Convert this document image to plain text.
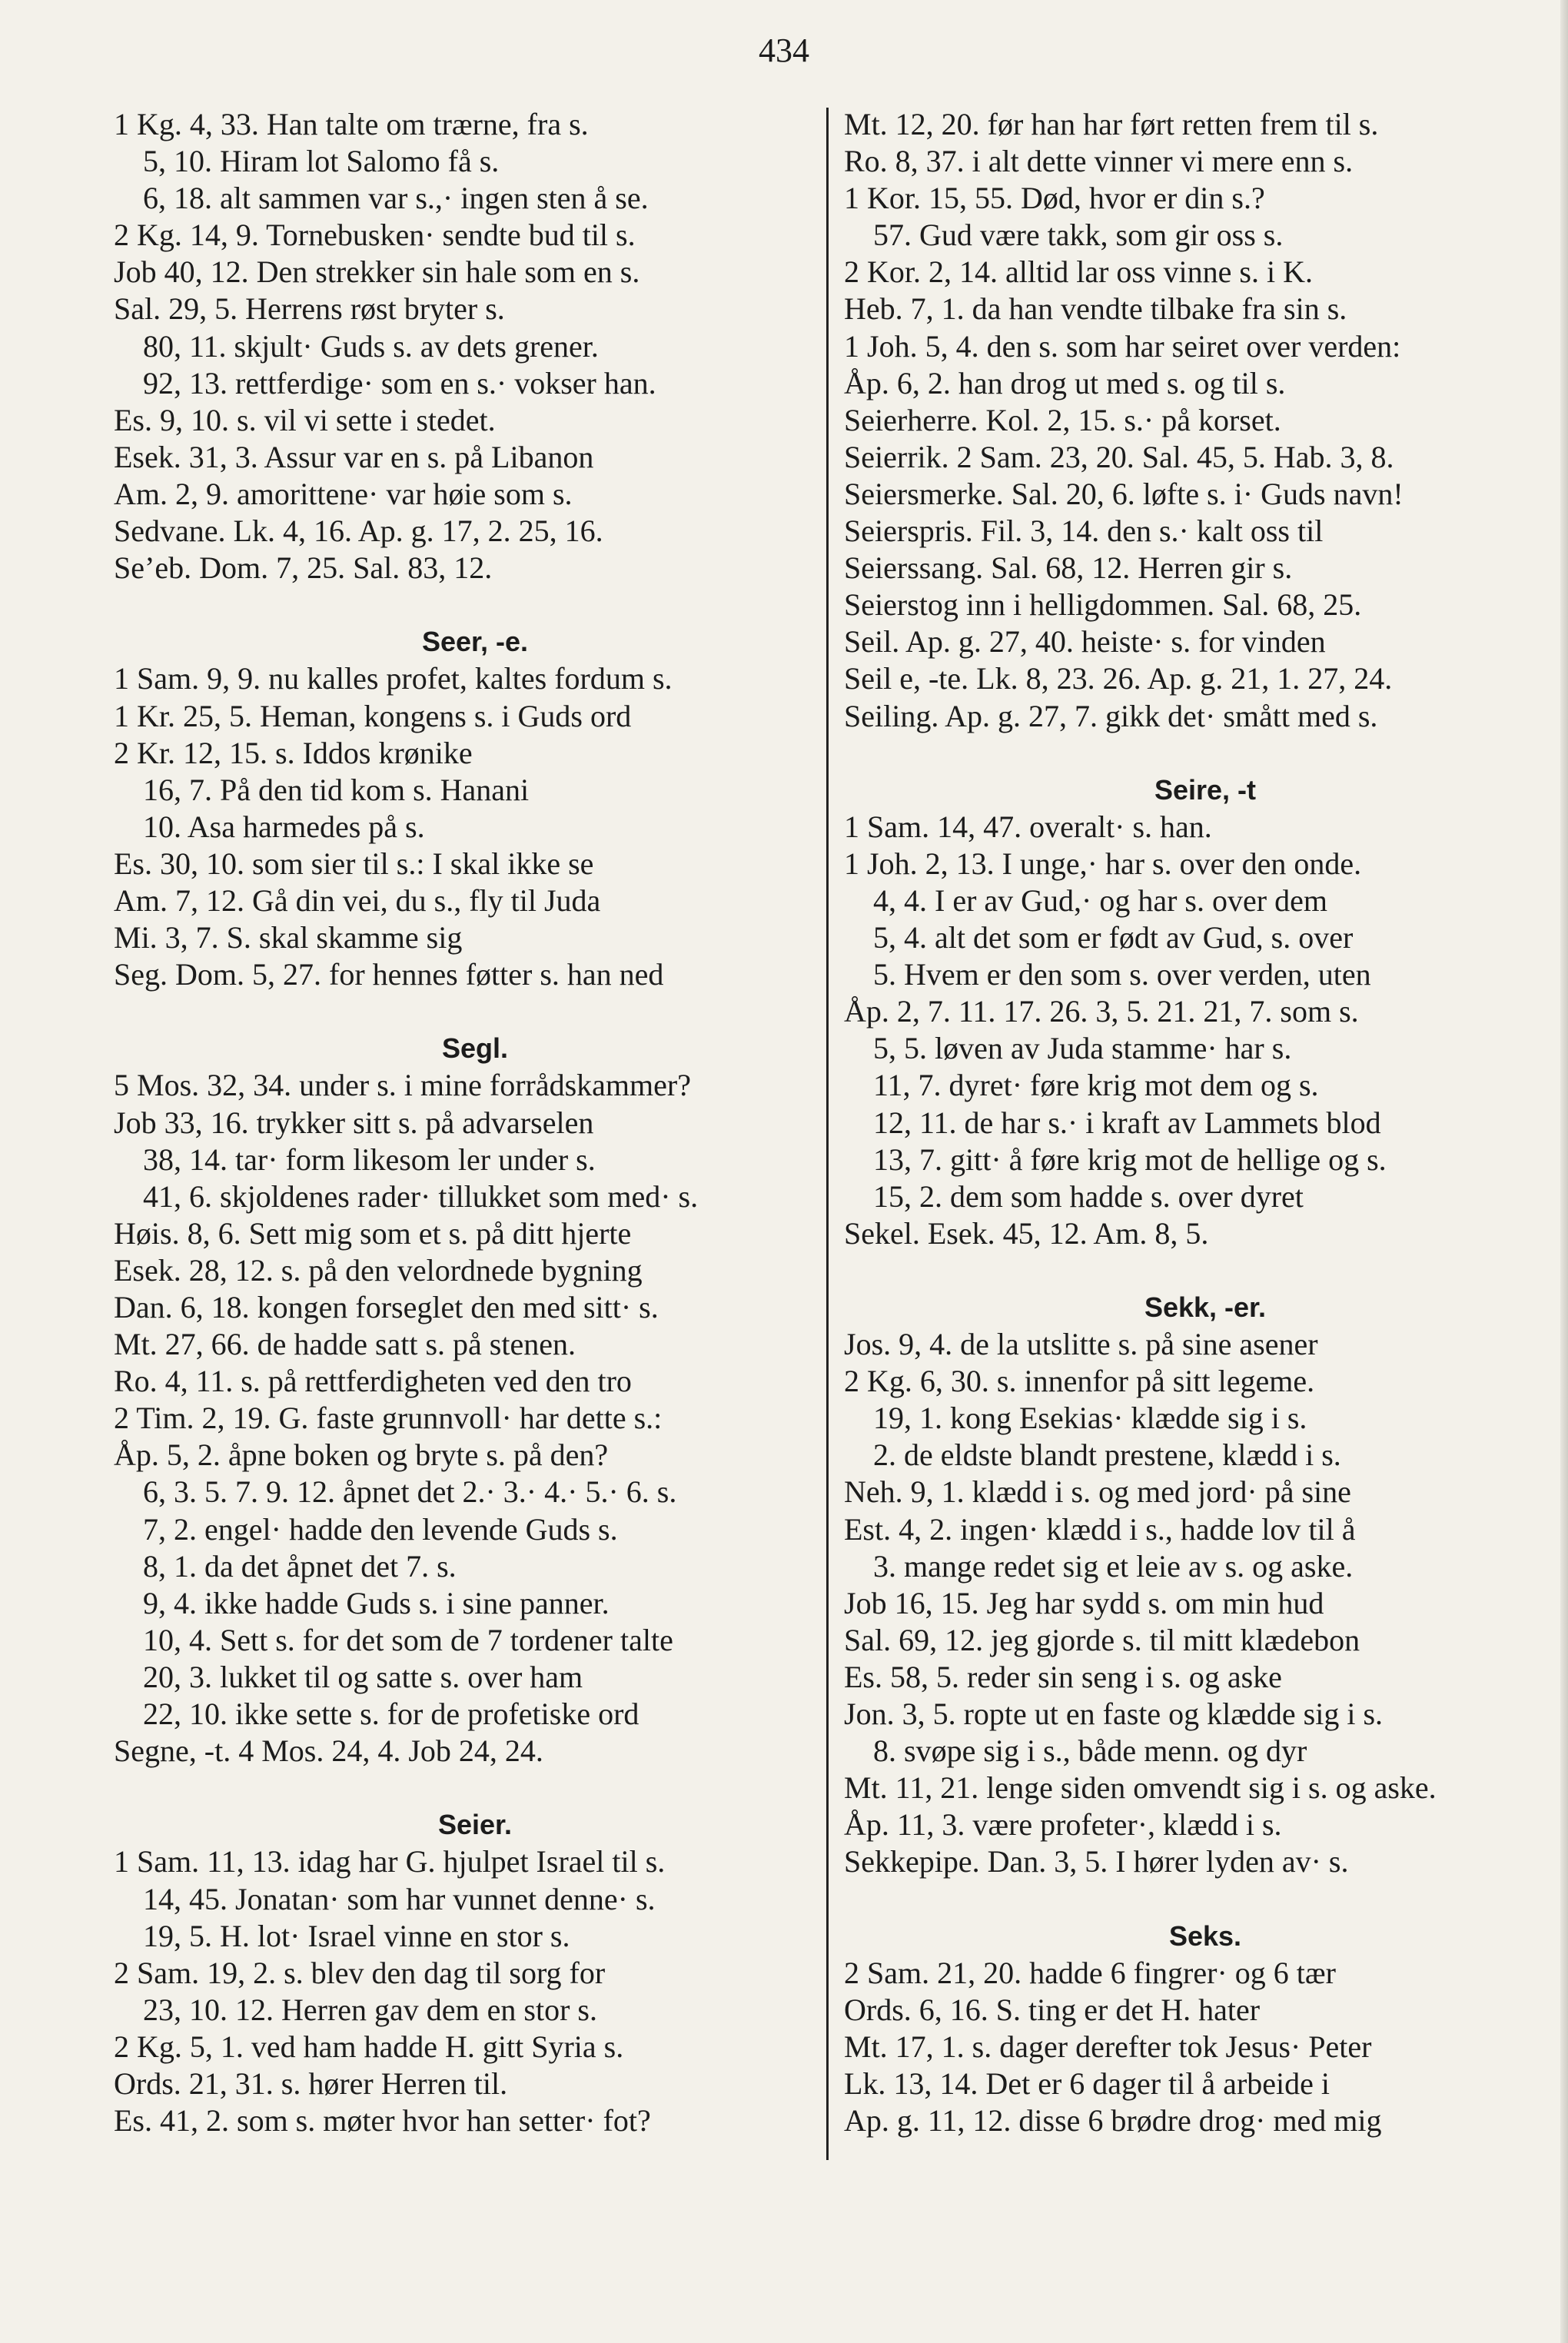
434
1 Kg. 4, 33. Han talte om trærne, fra s.
5, 10. Hiram lot Salomo få s.
6, 18. alt sammen var s.,· ingen sten å se.
2 Kg. 14, 9. Tornebusken· sendte bud til s.
Job 40, 12. Den strekker sin hale som en s.
Sal. 29, 5. Herrens røst bryter s.
80, 11. skjult· Guds s. av dets grener.
92, 13. rettferdige· som en s.· vokser han.
Es. 9, 10. s. vil vi sette i stedet.
Esek. 31, 3. Assur var en s. på Libanon
Am. 2, 9. amorittene· var høie som s.
Sedvane. Lk. 4, 16. Ap. g. 17, 2. 25, 16.
Se’eb. Dom. 7, 25. Sal. 83, 12.
Seer, -e.
1 Sam. 9, 9. nu kalles profet, kaltes fordum s.
1 Kr. 25, 5. Heman, kongens s. i Guds ord
2 Kr. 12, 15. s. Iddos krønike
16, 7. På den tid kom s. Hanani
10. Asa harmedes på s.
Es. 30, 10. som sier til s.: I skal ikke se
Am. 7, 12. Gå din vei, du s., fly til Juda
Mi. 3, 7. S. skal skamme sig
Seg. Dom. 5, 27. for hennes føtter s. han ned
Segl.
5 Mos. 32, 34. under s. i mine forrådskammer?
Job 33, 16. trykker sitt s. på advarselen
38, 14. tar· form likesom ler under s.
41, 6. skjoldenes rader· tillukket som med· s.
Høis. 8, 6. Sett mig som et s. på ditt hjerte
Esek. 28, 12. s. på den velordnede bygning
Dan. 6, 18. kongen forseglet den med sitt· s.
Mt. 27, 66. de hadde satt s. på stenen.
Ro. 4, 11. s. på rettferdigheten ved den tro
2 Tim. 2, 19. G. faste grunnvoll· har dette s.:
Åp. 5, 2. åpne boken og bryte s. på den?
6, 3. 5. 7. 9. 12. åpnet det 2.· 3.· 4.· 5.· 6. s.
7, 2. engel· hadde den levende Guds s.
8, 1. da det åpnet det 7. s.
9, 4. ikke hadde Guds s. i sine panner.
10, 4. Sett s. for det som de 7 tordener talte
20, 3. lukket til og satte s. over ham
22, 10. ikke sette s. for de profetiske ord
Segne, -t. 4 Mos. 24, 4. Job 24, 24.
Seier.
1 Sam. 11, 13. idag har G. hjulpet Israel til s.
14, 45. Jonatan· som har vunnet denne· s.
19, 5. H. lot· Israel vinne en stor s.
2 Sam. 19, 2. s. blev den dag til sorg for
23, 10. 12. Herren gav dem en stor s.
2 Kg. 5, 1. ved ham hadde H. gitt Syria s.
Ords. 21, 31. s. hører Herren til.
Es. 41, 2. som s. møter hvor han setter· fot?
Mt. 12, 20. før han har ført retten frem til s.
Ro. 8, 37. i alt dette vinner vi mere enn s.
1 Kor. 15, 55. Død, hvor er din s.?
57. Gud være takk, som gir oss s.
2 Kor. 2, 14. alltid lar oss vinne s. i K.
Heb. 7, 1. da han vendte tilbake fra sin s.
1 Joh. 5, 4. den s. som har seiret over verden:
Åp. 6, 2. han drog ut med s. og til s.
Seierherre. Kol. 2, 15. s.· på korset.
Seierrik. 2 Sam. 23, 20. Sal. 45, 5. Hab. 3, 8.
Seiersmerke. Sal. 20, 6. løfte s. i· Guds navn!
Seierspris. Fil. 3, 14. den s.· kalt oss til
Seierssang. Sal. 68, 12. Herren gir s.
Seierstog inn i helligdommen. Sal. 68, 25.
Seil. Ap. g. 27, 40. heiste· s. for vinden
Seil e, -te. Lk. 8, 23. 26. Ap. g. 21, 1. 27, 24.
Seiling. Ap. g. 27, 7. gikk det· smått med s.
Seire, -t
1 Sam. 14, 47. overalt· s. han.
1 Joh. 2, 13. I unge,· har s. over den onde.
4, 4. I er av Gud,· og har s. over dem
5, 4. alt det som er født av Gud, s. over
5. Hvem er den som s. over verden, uten
Åp. 2, 7. 11. 17. 26. 3, 5. 21. 21, 7. som s.
5, 5. løven av Juda stamme· har s.
11, 7. dyret· føre krig mot dem og s.
12, 11. de har s.· i kraft av Lammets blod
13, 7. gitt· å føre krig mot de hellige og s.
15, 2. dem som hadde s. over dyret
Sekel. Esek. 45, 12. Am. 8, 5.
Sekk, -er.
Jos. 9, 4. de la utslitte s. på sine asener
2 Kg. 6, 30. s. innenfor på sitt legeme.
19, 1. kong Esekias· klædde sig i s.
2. de eldste blandt prestene, klædd i s.
Neh. 9, 1. klædd i s. og med jord· på sine
Est. 4, 2. ingen· klædd i s., hadde lov til å
3. mange redet sig et leie av s. og aske.
Job 16, 15. Jeg har sydd s. om min hud
Sal. 69, 12. jeg gjorde s. til mitt klædebon
Es. 58, 5. reder sin seng i s. og aske
Jon. 3, 5. ropte ut en faste og klædde sig i s.
8. svøpe sig i s., både menn. og dyr
Mt. 11, 21. lenge siden omvendt sig i s. og aske.
Åp. 11, 3. være profeter·, klædd i s.
Sekkepipe. Dan. 3, 5. I hører lyden av· s.
Seks.
2 Sam. 21, 20. hadde 6 fingrer· og 6 tær
Ords. 6, 16. S. ting er det H. hater
Mt. 17, 1. s. dager derefter tok Jesus· Peter
Lk. 13, 14. Det er 6 dager til å arbeide i
Ap. g. 11, 12. disse 6 brødre drog· med mig
